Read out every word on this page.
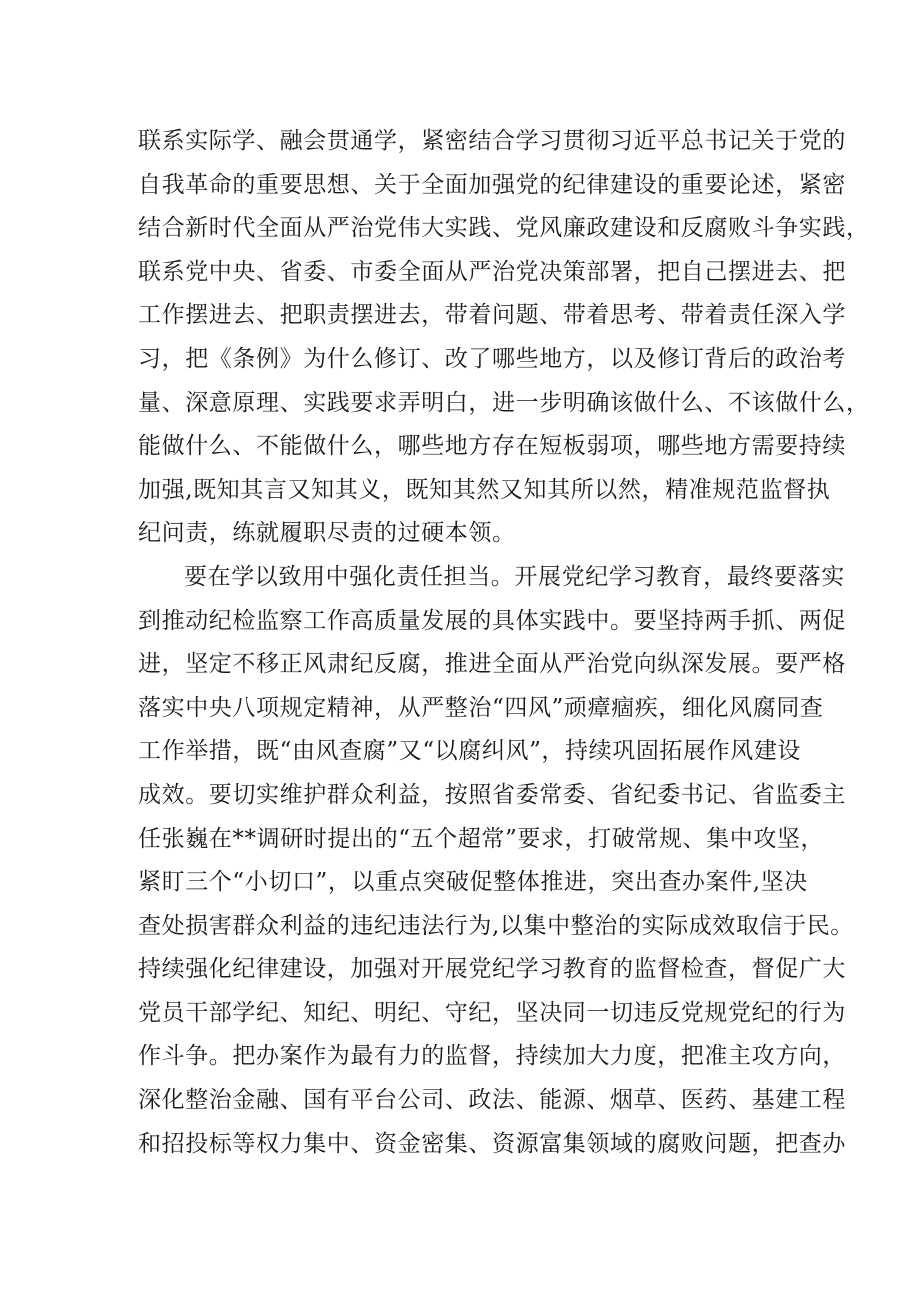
联系实际学、融会贯通学，紧密结合学习贯彻习近平总书记关于党的
自我革命的重要思想、关于全面加强党的纪律建设的重要论述，紧密
结合新时代全面从严治党伟大实践、党风廉政建设和反腐败斗争实践，
联系党中央、省委、市委全面从严治党决策部署，把自己摆进去、把
工作摆进去、把职责摆进去，带着问题、带着思考、带着责任深入学
习，把《条例》为什么修订、改了哪些地方，以及修订背后的政治考
量、深意原理、实践要求弄明白，进一步明确该做什么、不该做什么，
能做什么、不能做什么，哪些地方存在短板弱项，哪些地方需要持续
加强,既知其言又知其义，既知其然又知其所以然，精准规范监督执
纪问责，练就履职尽责的过硬本领。
要在学以致用中强化责任担当。开展党纪学习教育，最终要落实
到推动纪检监察工作高质量发展的具体实践中。要坚持两手抓、两促
进，坚定不移正风肃纪反腐，推进全面从严治党向纵深发展。要严格
落实中央八项规定精神，从严整治“四风”顽瘴痼疾，细化风腐同查
工作举措，既“由风查腐”又“以腐纠风”，持续巩固拓展作风建设
成效。要切实维护群众利益，按照省委常委、省纪委书记、省监委主
任张巍在**调研时提出的“五个超常”要求，打破常规、集中攻坚，
紧盯三个“小切口”，以重点突破促整体推进，突出查办案件,坚决
查处损害群众利益的违纪违法行为,以集中整治的实际成效取信于民。
持续强化纪律建设，加强对开展党纪学习教育的监督检查，督促广大
党员干部学纪、知纪、明纪、守纪，坚决同一切违反党规党纪的行为
作斗争。把办案作为最有力的监督，持续加大力度，把准主攻方向，
深化整治金融、国有平台公司、政法、能源、烟草、医药、基建工程
和招投标等权力集中、资金密集、资源富集领域的腐败问题，把查办
